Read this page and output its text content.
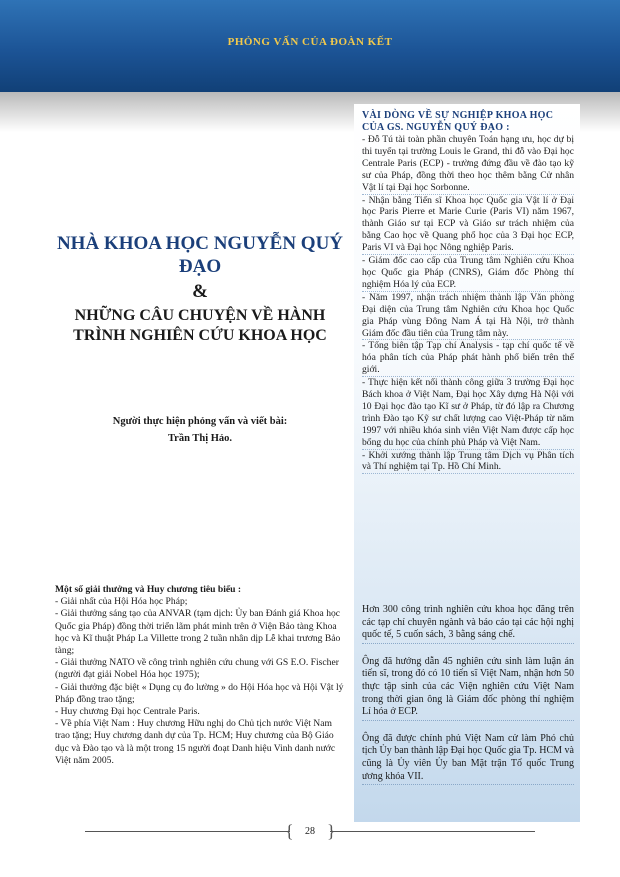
PHỎNG VẤN CỦA ĐOÀN KẾT
NHÀ KHOA HỌC NGUYỄN QUÝ ĐẠO
&
NHỮNG CÂU CHUYỆN VỀ HÀNH TRÌNH NGHIÊN CỨU KHOA HỌC
Người thực hiện phỏng vấn và viết bài:
Trần Thị Hảo.
Một số giải thưởng và Huy chương tiêu biểu :
- Giải nhất của Hội Hóa học Pháp;
- Giải thưởng sáng tạo của ANVAR (tạm dịch: Ủy ban Đánh giá Khoa học Quốc gia Pháp) đồng thời triển lãm phát minh trên ở Viện Bảo tàng Khoa học và Kĩ thuật Pháp La Villette trong 2 tuần nhân dịp Lễ khai trương Bảo tàng;
- Giải thưởng NATO về công trình nghiên cứu chung với GS E.O. Fischer (người đạt giải Nobel Hóa học 1975);
- Giải thưởng đặc biệt « Dụng cụ đo lường » do Hội Hóa học và Hội Vật lý Pháp đồng trao tặng;
- Huy chương Đại học Centrale Paris.
- Về phía Việt Nam : Huy chương Hữu nghị do Chủ tịch nước Việt Nam trao tặng; Huy chương danh dự của Tp. HCM; Huy chương của Bộ Giáo dục và Đào tạo và là một trong 15 người đoạt Danh hiệu Vinh danh nước Việt năm 2005.
VÀI DÒNG VỀ SỰ NGHIỆP KHOA HỌC CỦA GS. NGUYỄN QUÝ ĐẠO :
- Đỗ Tú tài toàn phần chuyên Toán hạng ưu, học dự bị thi tuyển tại trường Louis le Grand, thi đỗ vào Đại học Centrale Paris (ECP) - trường đứng đầu về đào tạo kỹ sư của Pháp, đồng thời theo học thêm bằng Cử nhân Vật lí tại Đại học Sorbonne.
- Nhận bằng Tiến sĩ Khoa học Quốc gia Vật lí ở Đại học Paris Pierre et Marie Curie (Paris VI) năm 1967, thành Giáo sư tại ECP và Giáo sư trách nhiệm của bằng Cao học về Quang phổ học của 3 Đại học ECP, Paris VI và Đại học Nông nghiệp Paris.
- Giám đốc cao cấp của Trung tâm Nghiên cứu Khoa học Quốc gia Pháp (CNRS), Giám đốc Phòng thí nghiệm Hóa lý của ECP.
- Năm 1997, nhận trách nhiệm thành lập Văn phòng Đại diện của Trung tâm Nghiên cứu Khoa học Quốc gia Pháp vùng Đông Nam Á tại Hà Nội, trở thành Giám đốc đầu tiên của Trung tâm này.
- Tổng biên tập Tạp chí Analysis - tạp chí quốc tế về hóa phân tích của Pháp phát hành phổ biến trên thế giới.
- Thực hiện kết nối thành công giữa 3 trường Đại học Bách khoa ở Việt Nam, Đại học Xây dựng Hà Nội với 10 Đại học đào tạo Kĩ sư ở Pháp, từ đó lập ra Chương trình Đào tạo Kỹ sư chất lượng cao Việt-Pháp từ năm 1997 với nhiều khóa sinh viên Việt Nam được cấp học bổng du học của chính phủ Pháp và Việt Nam.
- Khởi xướng thành lập Trung tâm Dịch vụ Phân tích và Thí nghiệm tại Tp. Hồ Chí Minh.

Hơn 300 công trình nghiên cứu khoa học đăng trên các tạp chí chuyên ngành và báo cáo tại các hội nghị quốc tế, 5 cuốn sách, 3 bằng sáng chế.

Ông đã hướng dẫn 45 nghiên cứu sinh làm luận án tiến sĩ, trong đó có 10 tiến sĩ Việt Nam, nhận hơn 50 thực tập sinh của các Viện nghiên cứu Việt Nam trong thời gian ông là Giám đốc phòng thí nghiệm Lí hóa ở ECP.

Ông đã được chính phủ Việt Nam cử làm Phó chủ tịch Ủy ban thành lập Đại học Quốc gia Tp. HCM và cũng là Ủy viên Ủy ban Mặt trận Tổ quốc Trung ương khóa VII.

{ }
28
